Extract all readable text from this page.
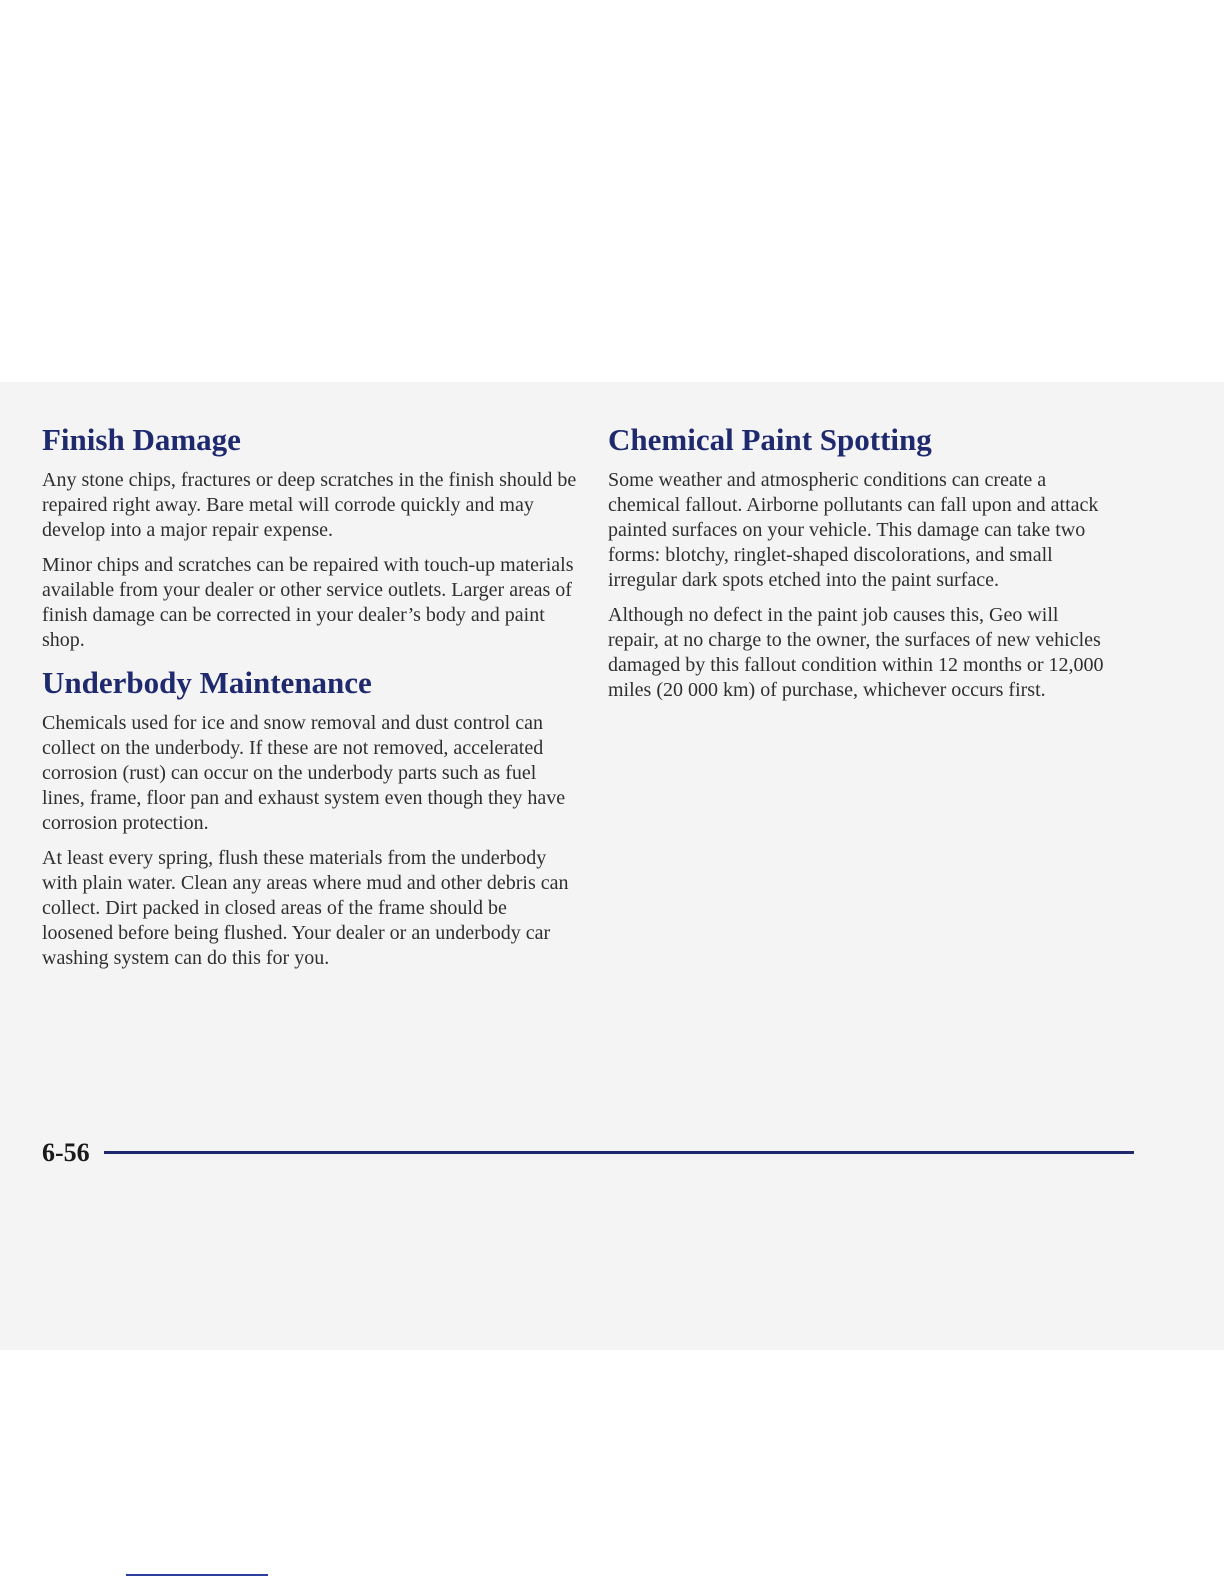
Finish Damage

Any stone chips, fractures or deep scratches in the finish should be repaired right away. Bare metal will corrode quickly and may develop into a major repair expense.

Minor chips and scratches can be repaired with touch-up materials available from your dealer or other service outlets. Larger areas of finish damage can be corrected in your dealer’s body and paint shop.

Underbody Maintenance

Chemicals used for ice and snow removal and dust control can collect on the underbody. If these are not removed, accelerated corrosion (rust) can occur on the underbody parts such as fuel lines, frame, floor pan and exhaust system even though they have corrosion protection.

At least every spring, flush these materials from the underbody with plain water. Clean any areas where mud and other debris can collect. Dirt packed in closed areas of the frame should be loosened before being flushed. Your dealer or an underbody car washing system can do this for you.

Chemical Paint Spotting

Some weather and atmospheric conditions can create a chemical fallout. Airborne pollutants can fall upon and attack painted surfaces on your vehicle. This damage can take two forms: blotchy, ringlet-shaped discolorations, and small irregular dark spots etched into the paint surface.

Although no defect in the paint job causes this, Geo will repair, at no charge to the owner, the surfaces of new vehicles damaged by this fallout condition within 12 months or 12,000 miles (20 000 km) of purchase, whichever occurs first.

6-56
